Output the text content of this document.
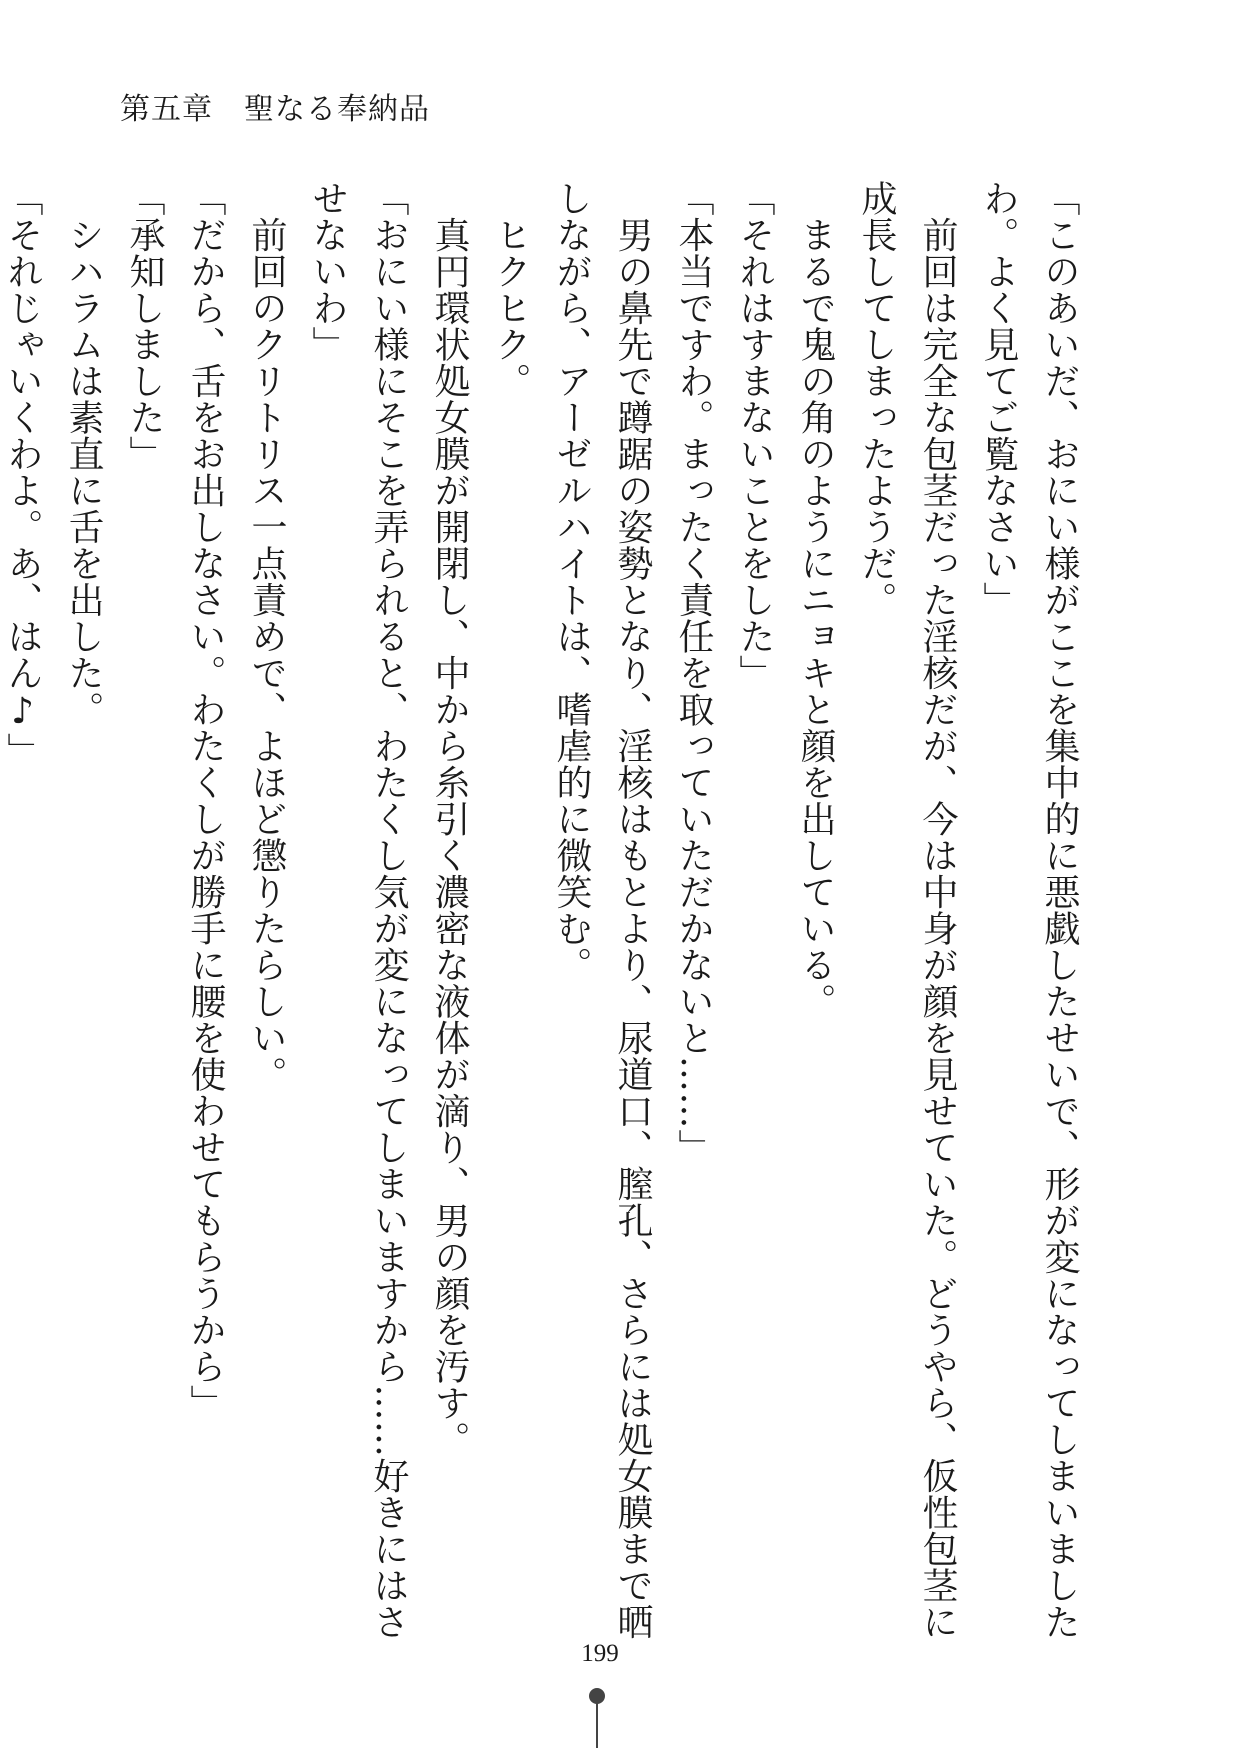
第五章　聖なる奉納品
「このあいだ、おにい様がここを集中的に悪戯したせいで、形が変になってしまいました
わ。よく見てご覧なさい」
　前回は完全な包茎だった淫核だが、今は中身が顔を見せていた。どうやら、仮性包茎に
成長してしまったようだ。
　まるで鬼の角のようにニョキと顔を出している。
「それはすまないことをした」
「本当ですわ。まったく責任を取っていただかないと……」
　男の鼻先で蹲踞の姿勢となり、淫核はもとより、尿道口、膣孔、さらには処女膜まで晒
しながら、アーゼルハイトは、嗜虐的に微笑む。
　ヒクヒク。
　真円環状処女膜が開閉し、中から糸引く濃密な液体が滴り、男の顔を汚す。
「おにい様にそこを弄られると、わたくし気が変になってしまいますから……好きにはさ
せないわ」
　前回のクリトリス一点責めで、よほど懲りたらしい。
「だから、舌をお出しなさい。わたくしが勝手に腰を使わせてもらうから」
「承知しました」
　シハラムは素直に舌を出した。
「それじゃいくわよ。あ、はん♪」
199
